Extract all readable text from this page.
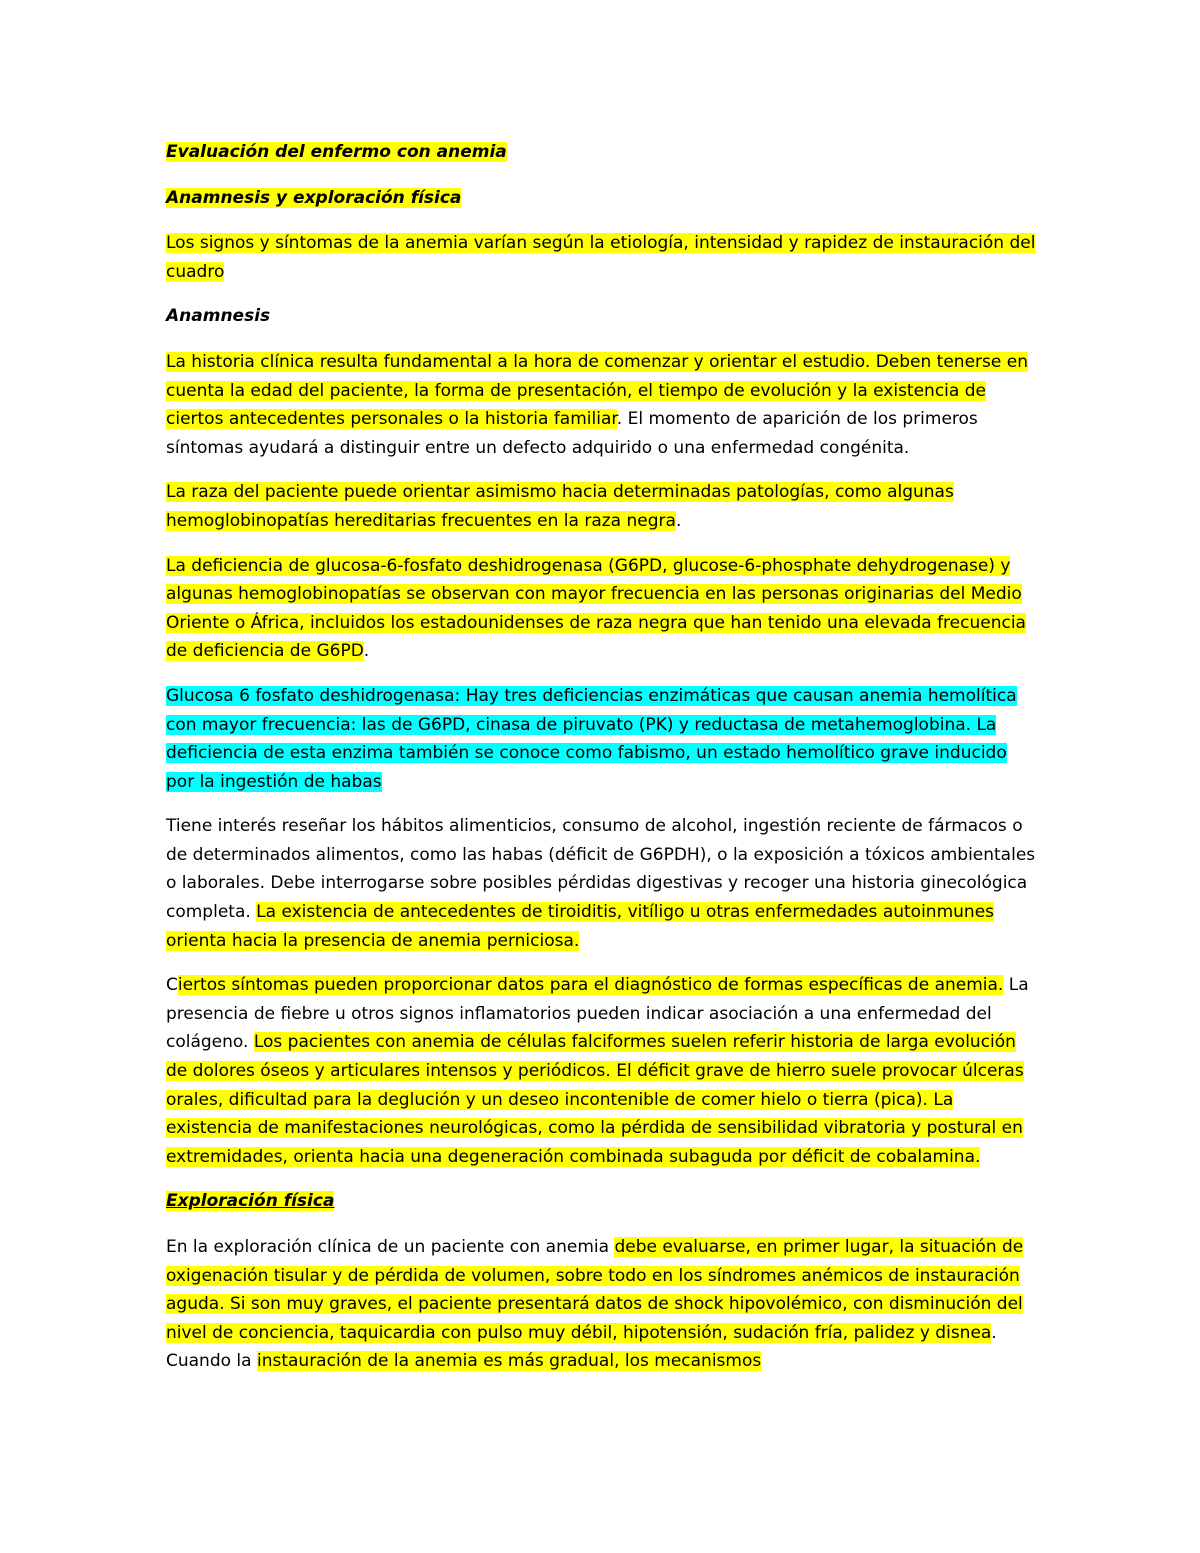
Evaluación del enfermo con anemia

Anamnesis y exploración física

Los signos y síntomas de la anemia varían según la etiología, intensidad y rapidez de instauración del cuadro

Anamnesis

La historia clínica resulta fundamental a la hora de comenzar y orientar el estudio. Deben tenerse en cuenta la edad del paciente, la forma de presentación, el tiempo de evolución y la existencia de ciertos antecedentes personales o la historia familiar. El momento de aparición de los primeros síntomas ayudará a distinguir entre un defecto adquirido o una enfermedad congénita.

La raza del paciente puede orientar asimismo hacia determinadas patologías, como algunas hemoglobinopatías hereditarias frecuentes en la raza negra.

La deficiencia de glucosa-6-fosfato deshidrogenasa (G6PD, glucose-6-phosphate dehydrogenase) y algunas hemoglobinopatías se observan con mayor frecuencia en las personas originarias del Medio Oriente o África, incluidos los estadounidenses de raza negra que han tenido una elevada frecuencia de deficiencia de G6PD.

Glucosa 6 fosfato deshidrogenasa: Hay tres deficiencias enzimáticas que causan anemia hemolítica con mayor frecuencia: las de G6PD, cinasa de piruvato (PK) y reductasa de metahemoglobina. La deficiencia de esta enzima también se conoce como fabismo, un estado hemolítico grave inducido por la ingestión de habas

Tiene interés reseñar los hábitos alimenticios, consumo de alcohol, ingestión reciente de fármacos o de determinados alimentos, como las habas (déficit de G6PDH), o la exposición a tóxicos ambientales o laborales. Debe interrogarse sobre posibles pérdidas digestivas y recoger una historia ginecológica completa. La existencia de antecedentes de tiroiditis, vitíligo u otras enfermedades autoinmunes orienta hacia la presencia de anemia perniciosa.

Ciertos síntomas pueden proporcionar datos para el diagnóstico de formas específicas de anemia. La presencia de fiebre u otros signos inflamatorios pueden indicar asociación a una enfermedad del colágeno. Los pacientes con anemia de células falciformes suelen referir historia de larga evolución de dolores óseos y articulares intensos y periódicos. El déficit grave de hierro suele provocar úlceras orales, dificultad para la deglución y un deseo incontenible de comer hielo o tierra (pica). La existencia de manifestaciones neurológicas, como la pérdida de sensibilidad vibratoria y postural en extremidades, orienta hacia una degeneración combinada subaguda por déficit de cobalamina.

Exploración física

En la exploración clínica de un paciente con anemia debe evaluarse, en primer lugar, la situación de oxigenación tisular y de pérdida de volumen, sobre todo en los síndromes anémicos de instauración aguda. Si son muy graves, el paciente presentará datos de shock hipovolémico, con disminución del nivel de conciencia, taquicardia con pulso muy débil, hipotensión, sudación fría, palidez y disnea. Cuando la instauración de la anemia es más gradual, los mecanismos
